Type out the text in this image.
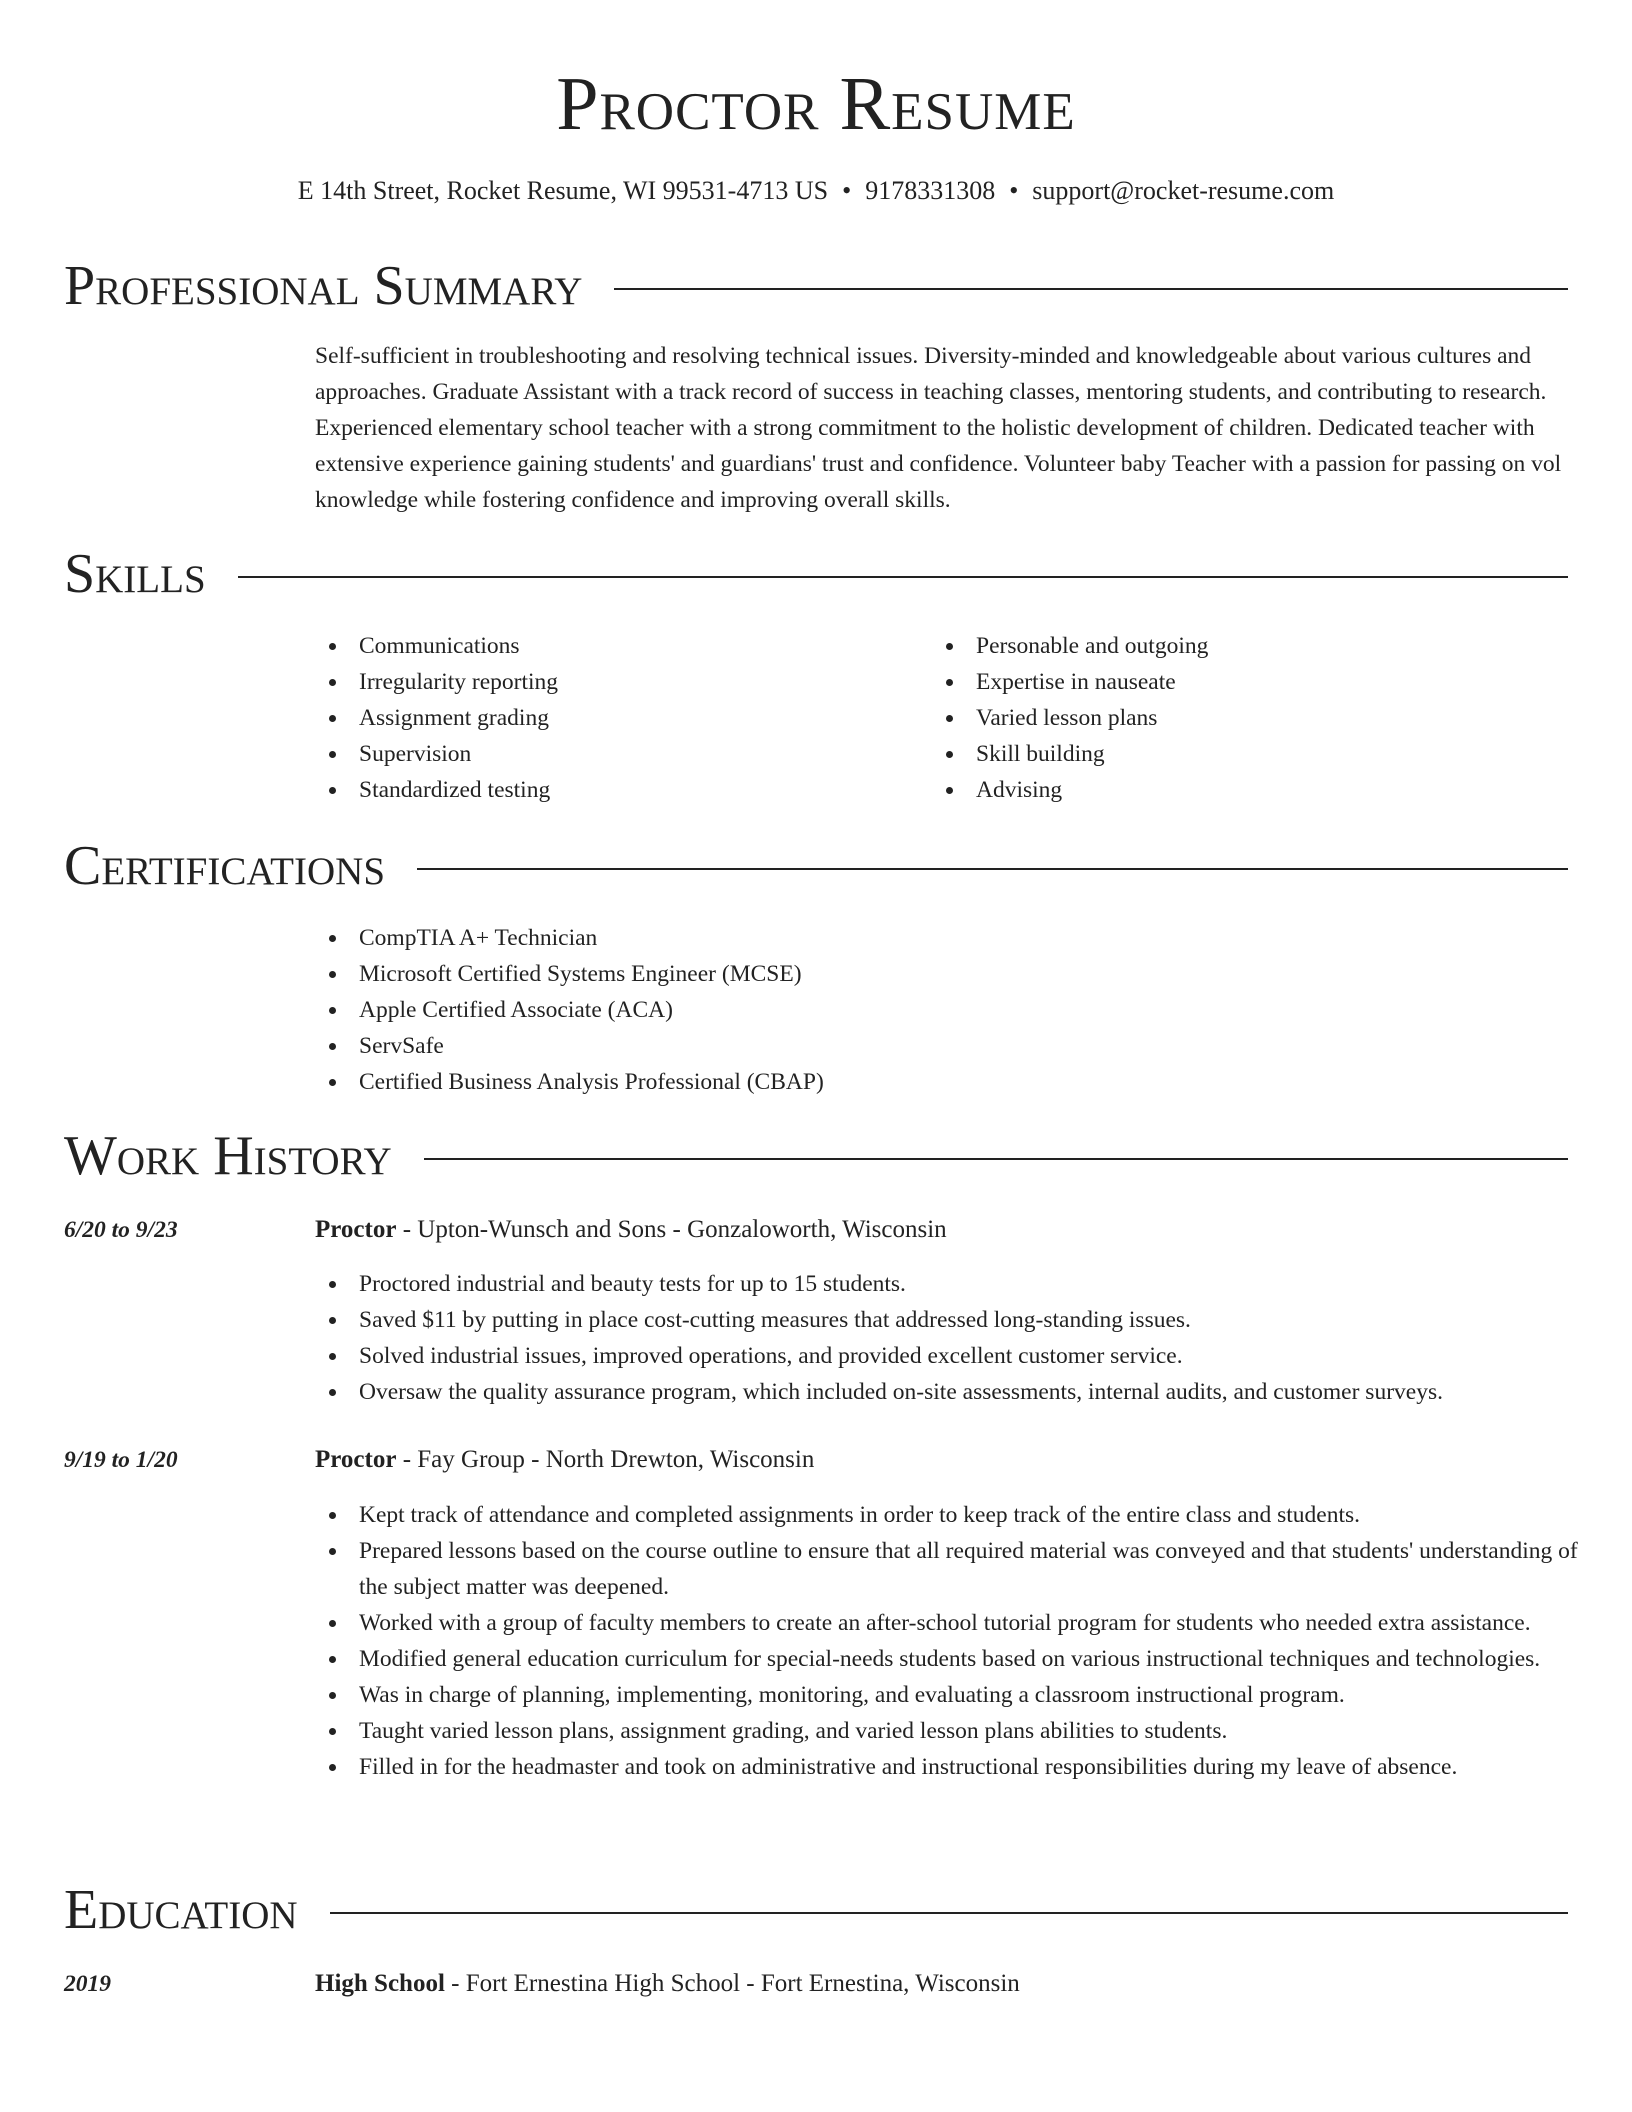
Proctor Resume
E 14th Street, Rocket Resume, WI 99531-4713 US • 9178331308 • support@rocket-resume.com
Professional Summary

Self-sufficient in troubleshooting and resolving technical issues. Diversity-minded and knowledgeable about various cultures and approaches. Graduate Assistant with a track record of success in teaching classes, mentoring students, and contributing to research. Experienced elementary school teacher with a strong commitment to the holistic development of children. Dedicated teacher with extensive experience gaining students' and guardians' trust and confidence. Volunteer baby Teacher with a passion for passing on vol knowledge while fostering confidence and improving overall skills.

Skills
Communications
Irregularity reporting
Assignment grading
Supervision
Standardized testing
Personable and outgoing
Expertise in nauseate
Varied lesson plans
Skill building
Advising
Certifications
CompTIA A+ Technician
Microsoft Certified Systems Engineer (MCSE)
Apple Certified Associate (ACA)
ServSafe
Certified Business Analysis Professional (CBAP)
Work History
6/20 to 9/23	Proctor - Upton-Wunsch and Sons - Gonzaloworth, Wisconsin
Proctored industrial and beauty tests for up to 15 students.
Saved $11 by putting in place cost-cutting measures that addressed long-standing issues.
Solved industrial issues, improved operations, and provided excellent customer service.
Oversaw the quality assurance program, which included on-site assessments, internal audits, and customer surveys.
9/19 to 1/20	Proctor - Fay Group - North Drewton, Wisconsin
Kept track of attendance and completed assignments in order to keep track of the entire class and students.
Prepared lessons based on the course outline to ensure that all required material was conveyed and that students' understanding of the subject matter was deepened.
Worked with a group of faculty members to create an after-school tutorial program for students who needed extra assistance.
Modified general education curriculum for special-needs students based on various instructional techniques and technologies.
Was in charge of planning, implementing, monitoring, and evaluating a classroom instructional program.
Taught varied lesson plans, assignment grading, and varied lesson plans abilities to students.
Filled in for the headmaster and took on administrative and instructional responsibilities during my leave of absence.
Education
2019	High School - Fort Ernestina High School - Fort Ernestina, Wisconsin
